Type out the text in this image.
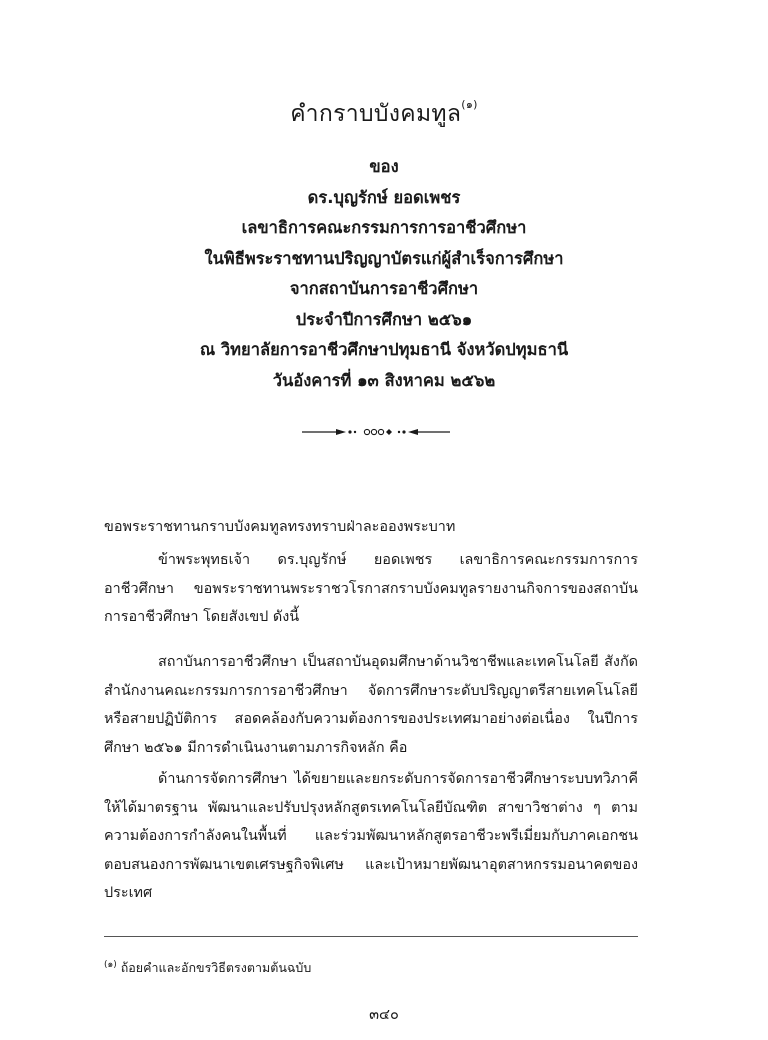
คำกราบบังคมทูล$^{(๑)}$
ของ
ดร.บุญรักษ์ ยอดเพชร
เลขาธิการคณะกรรมการการอาชีวศึกษา
ในพิธีพระราชทานปริญญาบัตรแก่ผู้สำเร็จการศึกษา
จากสถาบันการอาชีวศึกษา
ประจำปีการศึกษา ๒๕๖๑
ณ วิทยาลัยการอาชีวศึกษาปทุมธานี จังหวัดปทุมธานี
วันอังคารที่ ๑๓ สิงหาคม ๒๕๖๒
ขอพระราชทานกราบบังคมทูลทรงทราบฝ่าละอองพระบาท
ข้าพระพุทธเจ้า ดร.บุญรักษ์ ยอดเพชร เลขาธิการคณะกรรมการการอาชีวศึกษา ขอพระราชทานพระราชวโรกาสกราบบังคมทูลรายงานกิจการของสถาบันการอาชีวศึกษา โดยสังเขป ดังนี้
สถาบันการอาชีวศึกษา เป็นสถาบันอุดมศึกษาด้านวิชาชีพและเทคโนโลยี สังกัดสำนักงานคณะกรรมการการอาชีวศึกษา จัดการศึกษาระดับปริญญาตรีสายเทคโนโลยีหรือสายปฏิบัติการ สอดคล้องกับความต้องการของประเทศมาอย่างต่อเนื่อง ในปีการศึกษา ๒๕๖๑ มีการดำเนินงานตามภารกิจหลัก คือ
ด้านการจัดการศึกษา ได้ขยายและยกระดับการจัดการอาชีวศึกษาระบบทวิภาคีให้ได้มาตรฐาน พัฒนาและปรับปรุงหลักสูตรเทคโนโลยีบัณฑิต สาขาวิชาต่าง ๆ ตามความต้องการกำลังคนในพื้นที่ และร่วมพัฒนาหลักสูตรอาชีวะพรีเมี่ยมกับภาคเอกชน ตอบสนองการพัฒนาเขตเศรษฐกิจพิเศษ และเป้าหมายพัฒนาอุตสาหกรรมอนาคตของประเทศ
$^{(๑)}$ ถ้อยคำและอักขรวิธีตรงตามต้นฉบับ
๓๔๐
